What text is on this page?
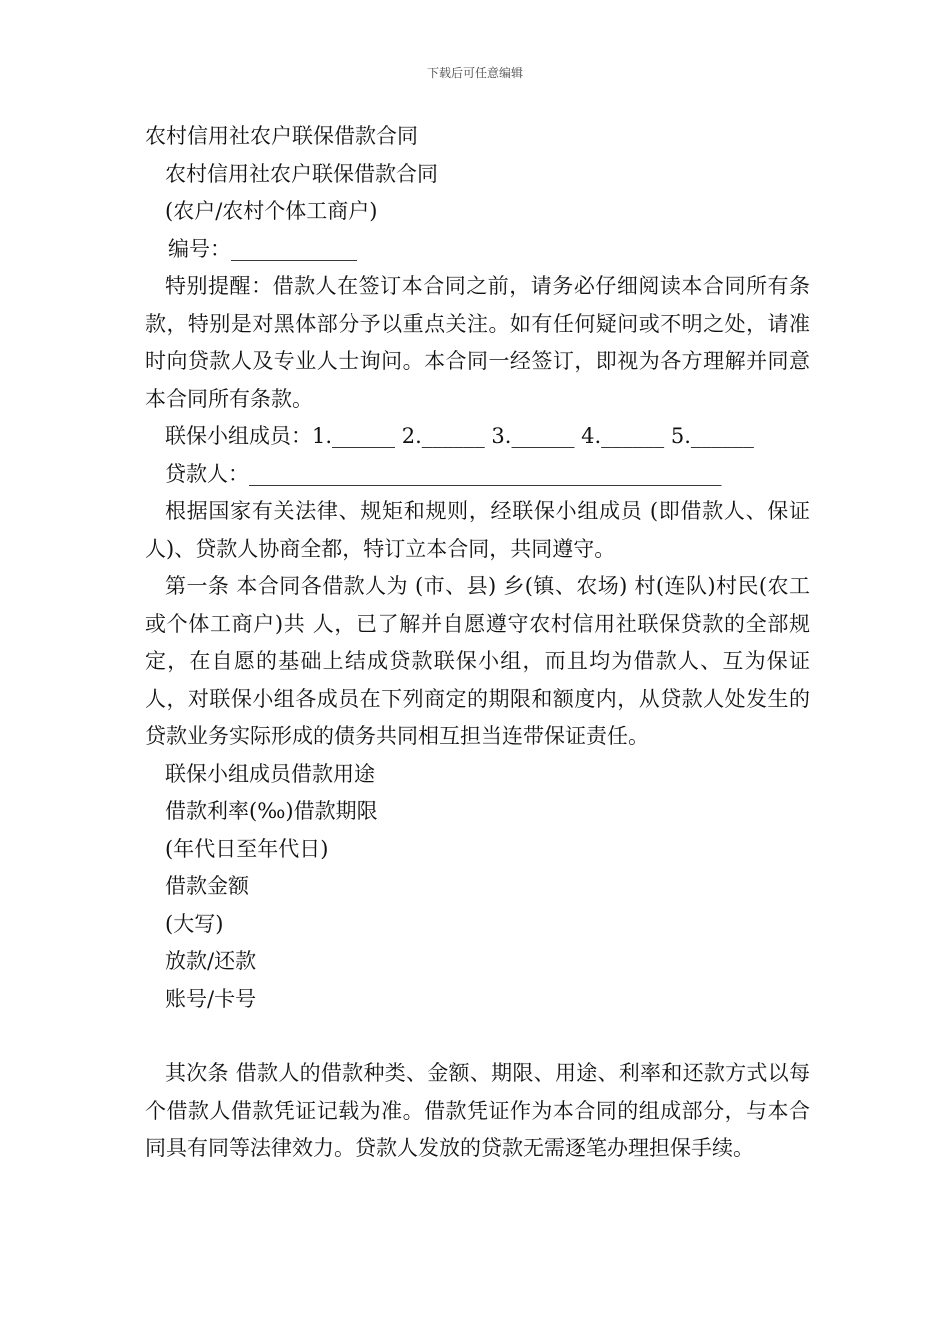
下载后可任意编辑
农村信用社农户联保借款合同
农村信用社农户联保借款合同
(农户/农村个体工商户)
编号：____________

特别提醒：借款人在签订本合同之前，请务必仔细阅读本合同所有条款，特别是对黑体部分予以重点关注。如有任何疑问或不明之处，请准时向贷款人及专业人士询问。本合同一经签订，即视为各方理解并同意本合同所有条款。

联保小组成员：1.______ 2.______ 3.______ 4.______ 5.______
贷款人：_____________________________________________

根据国家有关法律、规矩和规则，经联保小组成员 (即借款人、保证人)、贷款人协商全都，特订立本合同，共同遵守。

第一条 本合同各借款人为 (市、县) 乡(镇、农场) 村(连队)村民(农工或个体工商户)共 人，已了解并自愿遵守农村信用社联保贷款的全部规定，在自愿的基础上结成贷款联保小组，而且均为借款人、互为保证人，对联保小组各成员在下列商定的期限和额度内，从贷款人处发生的贷款业务实际形成的债务共同相互担当连带保证责任。

联保小组成员借款用途
借款利率(‰)借款期限
(年代日至年代日)
借款金额
(大写)
放款/还款
账号/卡号

其次条 借款人的借款种类、金额、期限、用途、利率和还款方式以每个借款人借款凭证记载为准。借款凭证作为本合同的组成部分，与本合同具有同等法律效力。贷款人发放的贷款无需逐笔办理担保手续。
